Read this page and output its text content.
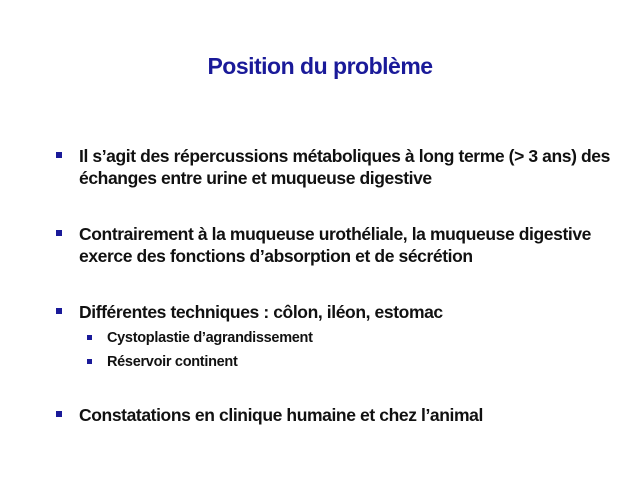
Position du problème
Il s’agit des répercussions métaboliques à long terme (> 3 ans) des échanges entre urine et muqueuse digestive
Contrairement à la muqueuse urothéliale, la muqueuse digestive exerce des fonctions d’absorption et de sécrétion
Différentes techniques : côlon, iléon, estomac
Cystoplastie d’agrandissement
Réservoir continent
Constatations en clinique humaine et chez l’animal
